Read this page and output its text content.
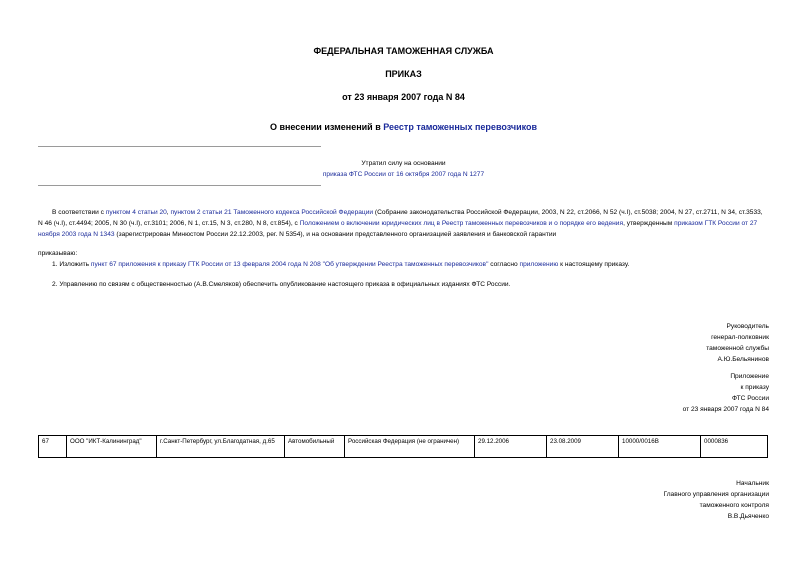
ФЕДЕРАЛЬНАЯ ТАМОЖЕННАЯ СЛУЖБА
ПРИКАЗ
от 23 января 2007 года N 84
О внесении изменений в Реестр таможенных перевозчиков
Утратил силу на основании
приказа ФТС России от 16 октября 2007 года N 1277
В соответствии с пунктом 4 статьи 20, пунктом 2 статьи 21 Таможенного кодекса Российской Федерации (Собрание законодательства Российской Федерации, 2003, N 22, ст.2066, N 52 (ч.I), ст.5038; 2004, N 27, ст.2711, N 34, ст.3533, N 46 (ч.I), ст.4494; 2005, N 30 (ч.I), ст.3101; 2006, N 1, ст.15, N 3, ст.280, N 8, ст.854), с Положением о включении юридических лиц в Реестр таможенных перевозчиков и о порядке его ведения, утвержденным приказом ГТК России от 27 ноября 2003 года N 1343 (зарегистрирован Минюстом России 22.12.2003, рег. N 5354), и на основании представленного организацией заявления и банковской гарантии
приказываю:
1. Изложить пункт 67 приложения к приказу ГТК России от 13 февраля 2004 года N 208 "Об утверждении Реестра таможенных перевозчиков" согласно приложению к настоящему приказу.
2. Управлению по связям с общественностью (А.В.Смеляков) обеспечить опубликование настоящего приказа в официальных изданиях ФТС России.
Руководитель
генерал-полковник
таможенной службы
А.Ю.Бельянинов
Приложение
к приказу
ФТС России
от 23 января 2007 года N 84
67	ООО "ИКТ-Калининград"	г.Санкт-Петербург, ул.Благодатная, д.65	Автомобильный	Российская Федерация (не ограничен)	29.12.2006	23.08.2009	10000/0016В	0000836
Начальник
Главного управления организации
таможенного контроля
В.В.Дьяченко
